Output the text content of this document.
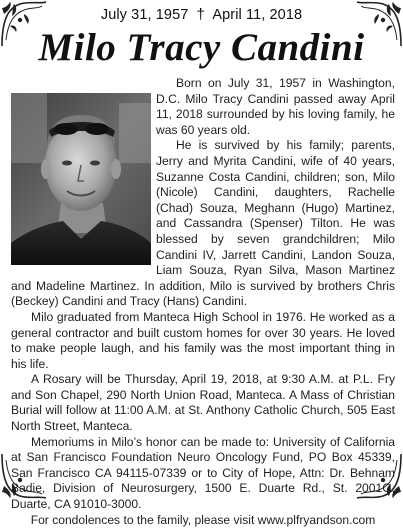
July 31, 1957 † April 11, 2018
Milo Tracy Candini

Born on July 31, 1957 in Washington, D.C. Milo Tracy Candini passed away April 11, 2018 surrounded by his loving family, he was 60 years old.

He is survived by his family; parents, Jerry and Myrita Candini, wife of 40 years, Suzanne Costa Candini, children; son, Milo (Nicole) Candini, daughters, Rachelle (Chad) Souza, Meghann (Hugo) Martinez, and Cassandra (Spenser) Tilton. He was blessed by seven grandchildren; Milo Candini IV, Jarrett Candini, Landon Souza, Liam Souza, Ryan Silva, Mason Martinez and Madeline Martinez. In addition, Milo is survived by brothers Chris (Beckey) Candini and Tracy (Hans) Candini.

Milo graduated from Manteca High School in 1976. He worked as a general contractor and built custom homes for over 30 years. He loved to make people laugh, and his family was the most important thing in his life.

A Rosary will be Thursday, April 19, 2018, at 9:30 A.M. at P.L. Fry and Son Chapel, 290 North Union Road, Manteca. A Mass of Christian Burial will follow at 11:00 A.M. at St. Anthony Catholic Church, 505 East North Street, Manteca.

Memoriums in Milo’s honor can be made to: University of California at San Francisco Foundation Neuro Oncology Fund, PO Box 45339, San Francisco CA 94115-07339 or to City of Hope, Attn: Dr. Behnam Badie, Division of Neurosurgery, 1500 E. Duarte Rd., St. 2001G, Duarte, CA 91010-3000.

For condolences to the family, please visit www.plfryandson.com
